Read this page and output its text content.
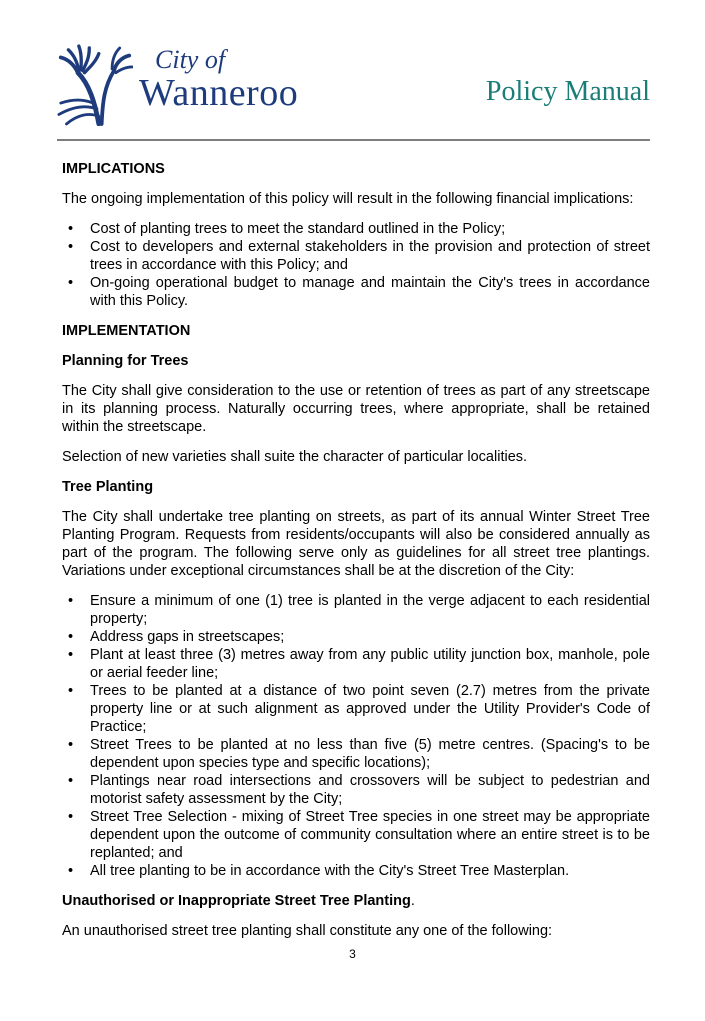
City of
Wanneroo	Policy Manual
IMPLICATIONS

The ongoing implementation of this policy will result in the following financial implications:

• Cost of planting trees to meet the standard outlined in the Policy;
• Cost to developers and external stakeholders in the provision and protection of street trees in accordance with this Policy; and
• On-going operational budget to manage and maintain the City's trees in accordance with this Policy.
IMPLEMENTATION
Planning for Trees

The City shall give consideration to the use or retention of trees as part of any streetscape in its planning process. Naturally occurring trees, where appropriate, shall be retained within the streetscape.

Selection of new varieties shall suite the character of particular localities.

Tree Planting

The City shall undertake tree planting on streets, as part of its annual Winter Street Tree Planting Program. Requests from residents/occupants will also be considered annually as part of the program. The following serve only as guidelines for all street tree plantings. Variations under exceptional circumstances shall be at the discretion of the City:

• Ensure a minimum of one (1) tree is planted in the verge adjacent to each residential property;
• Address gaps in streetscapes;
• Plant at least three (3) metres away from any public utility junction box, manhole, pole or aerial feeder line;
• Trees to be planted at a distance of two point seven (2.7) metres from the private property line or at such alignment as approved under the Utility Provider's Code of Practice;
• Street Trees to be planted at no less than five (5) metre centres. (Spacing's to be dependent upon species type and specific locations);
• Plantings near road intersections and crossovers will be subject to pedestrian and motorist safety assessment by the City;
• Street Tree Selection - mixing of Street Tree species in one street may be appropriate dependent upon the outcome of community consultation where an entire street is to be replanted; and
• All tree planting to be in accordance with the City's Street Tree Masterplan.
Unauthorised or Inappropriate Street Tree Planting.

An unauthorised street tree planting shall constitute any one of the following:

3
